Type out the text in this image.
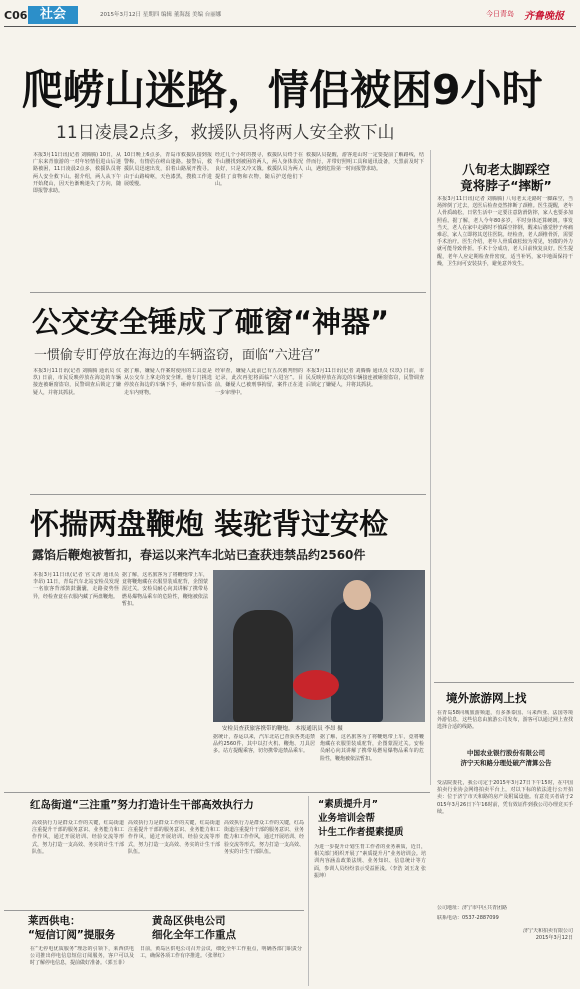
C06 社会	2015年3月12日 星期四 编辑 董海磊 美编 台丽娜	今日青岛 齐鲁晚报
爬崂山迷路，情侣被困9小时
11日凌晨2点多，救援队员将两人安全救下山
本报3月11日讯(记者 刘腾腾) 10日，从广东来青旅游的一对年轻情侣进山后迷路被困，11日凌晨2点多，救援队员将两人安全救下山。据介绍，两人从下午开始爬山，因天色渐晚迷失了方向，随即报警求助。
10日晚上6点多，青岛市救援队接到报警称，有情侣在崂山迷路。接警后，救援队员迅速出发，沿着山路展开搜寻。由于山路崎岖，天色漆黑，搜救工作进展缓慢。
经过几个小时的搜寻，救援队员终于在半山腰找到被困的两人，两人身体状况良好，只是又冷又饿。救援队员为两人提供了食物和衣物，随后护送他们下山。
救援队员提醒，游客进山时一定要提前了解路线，结伴而行，并带好照明工具和通讯设备，天黑前及时下山，遇到危险第一时间报警求助。	八旬老太脚踩空
竟将脖子“摔断”
本报3月11日讯(记者 刘腾腾) 八旬老太走路时一脚踩空，当场摔倒了过去，送医后检查竟然摔断了颈椎。医生提醒，老年人骨质疏松，日常生活中一定要注意防滑防摔，家人也要多加照看。据了解，老人今年80多岁，平时身体还算硬朗。事发当天，老人在家中走路时不慎踩空摔倒，醒来后感觉脖子疼痛难忍，家人立即将其送往医院。经检查，老人颈椎骨折，需要手术治疗。医生介绍，老年人骨质疏松较为常见，轻微的外力就可能导致骨折。手术十分成功，老人目前恢复良好。医生提醒，老年人应定期检查骨密度，适当补钙，家中地面保持干燥，卫生间可安装扶手，避免意外发生。
公交安全锤成了砸窗“神器”
一惯偷专盯停放在海边的车辆盗窃，面临“六进宫”
本报3月11日讯(记者 刘腾腾 通讯员 仪玖) 日前，市民反映停放在海边的车辆接连被砸窗盗窃，民警调查后锁定了嫌疑人，并将其抓获。
据了解，嫌疑人作案时使用的工具竟是从公交车上拿走的安全锤。他专门挑选停放在海边的车辆下手，砸碎车窗后盗走车内财物。
经审查，嫌疑人此前已有五次被判刑的记录，此次再犯将面临“六进宫”。目前，嫌疑人已被刑事拘留，案件正在进一步审理中。
本报3月11日讯(记者 刘腾腾 通讯员 仪玖) 日前，市民反映停放在海边的车辆接连被砸窗盗窃，民警调查后锁定了嫌疑人，并将其抓获。
怀揣两盘鞭炮 装驼背过安检
露馅后鞭炮被暂扣，春运以来汽车北站已查获违禁品约2560件
本报3月11日讯(记者 官文涛 通讯员 李昂) 11日，青岛汽车北站安检员发现一名旅客背部鼓鼓囊囊，走路姿势怪异，经检查竟在衣服内藏了两盘鞭炮。
据了解，这名旅客为了将鞭炮带上车，竟将鞭炮藏在衣服里装成驼背，企图蒙混过关。安检员耐心向其讲解了携带易燃易爆物品乘车的危险性，鞭炮被依法暂扣。
安检员查获旅客携带的鞭炮。 本报通讯员 李昂 摄
据统计，春运以来，汽车北站已查获各类违禁品约2560件，其中以打火机、鞭炮、刀具居多。站方提醒乘客，切勿携带违禁品乘车。
据了解，这名旅客为了将鞭炮带上车，竟将鞭炮藏在衣服里装成驼背，企图蒙混过关。安检员耐心向其讲解了携带易燃易爆物品乘车的危险性，鞭炮被依法暂扣。
境外旅游网上找
在青岛58同城旅游频道，有多条泰国、马来西亚、法国等境外游信息，这些信息由旅游公司发布，游客可以通过网上查找选择合适的线路。
中国农业银行股份有限公司
济宁天和路分理处破产清算公告
受法院委托，我公司定于2015年3月27日下午15时，在中国拍卖行业协会网络拍卖平台上，对以下标的依法进行公开拍卖：位于济宁市天和路的房产及附属设施。有意竞买者请于2015年3月26日下午16时前，凭有效证件到我公司办理竞买手续。
公司地址：济宁市中区共青团路
联系电话：0537-2887099
济宁天和拍卖有限公司
2015年3月12日
红岛街道“三注重”努力打造计生干部高效执行力
高效执行力是群众工作的关键，红岛街道注重提升干部的服务意识、业务能力和工作作风，通过开展培训、经验交流等形式，努力打造一支高效、务实的计生干部队伍。
高效执行力是群众工作的关键，红岛街道注重提升干部的服务意识、业务能力和工作作风，通过开展培训、经验交流等形式，努力打造一支高效、务实的计生干部队伍。
高效执行力是群众工作的关键，红岛街道注重提升干部的服务意识、业务能力和工作作风，通过开展培训、经验交流等形式，努力打造一支高效、务实的计生干部队伍。
“素质提升月”
业务培训会帮
计生工作者提素提质
为进一步提升计划生育工作者的业务素质，近日，相关部门组织开展了“素质提升月”业务培训会。培训内容涵盖政策法规、业务知识、信息统计等方面，参训人员纷纷表示受益匪浅。（李浩 刘玉龙 张振坤）
莱西供电：
“短信订阅”提服务
在“无停电优质服务”理念的引领下，莱西供电公司推出停电信息短信订阅服务，客户可以及时了解停电信息，提前做好准备。（郭玉菲）
黄岛区供电公司
细化全年工作重点
日前，黄岛区供电公司召开会议，细化全年工作重点，明确各部门职责分工，确保各项工作有序推进。（张翠红）
